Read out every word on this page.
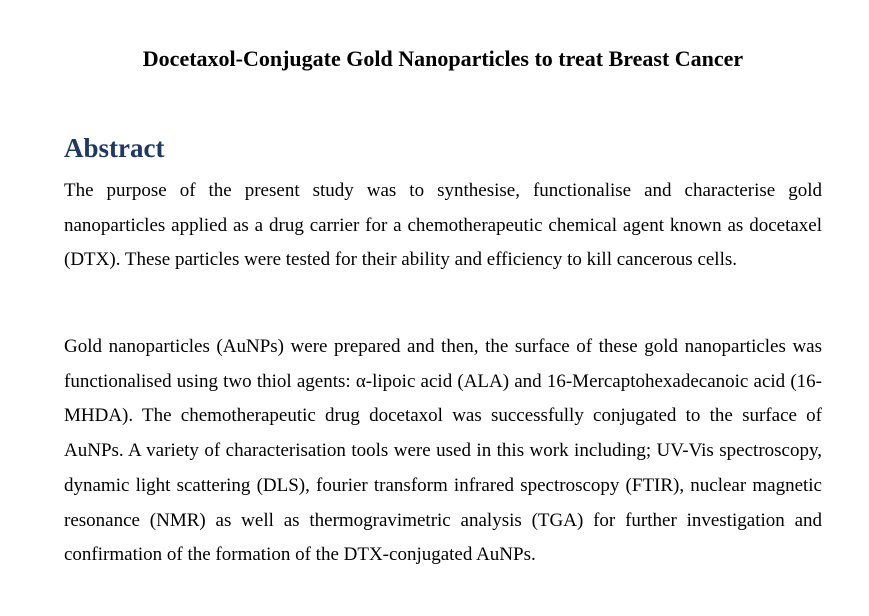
Docetaxol-Conjugate Gold Nanoparticles to treat Breast Cancer
Abstract

The purpose of the present study was to synthesise, functionalise and characterise gold nanoparticles applied as a drug carrier for a chemotherapeutic chemical agent known as docetaxel (DTX). These particles were tested for their ability and efficiency to kill cancerous cells.

Gold nanoparticles (AuNPs) were prepared and then, the surface of these gold nanoparticles was functionalised using two thiol agents: α-lipoic acid (ALA) and 16-Mercaptohexadecanoic acid (16-MHDA). The chemotherapeutic drug docetaxol was successfully conjugated to the surface of AuNPs. A variety of characterisation tools were used in this work including; UV-Vis spectroscopy, dynamic light scattering (DLS), fourier transform infrared spectroscopy (FTIR), nuclear magnetic resonance (NMR) as well as thermogravimetric analysis (TGA) for further investigation and confirmation of the formation of the DTX-conjugated AuNPs.
